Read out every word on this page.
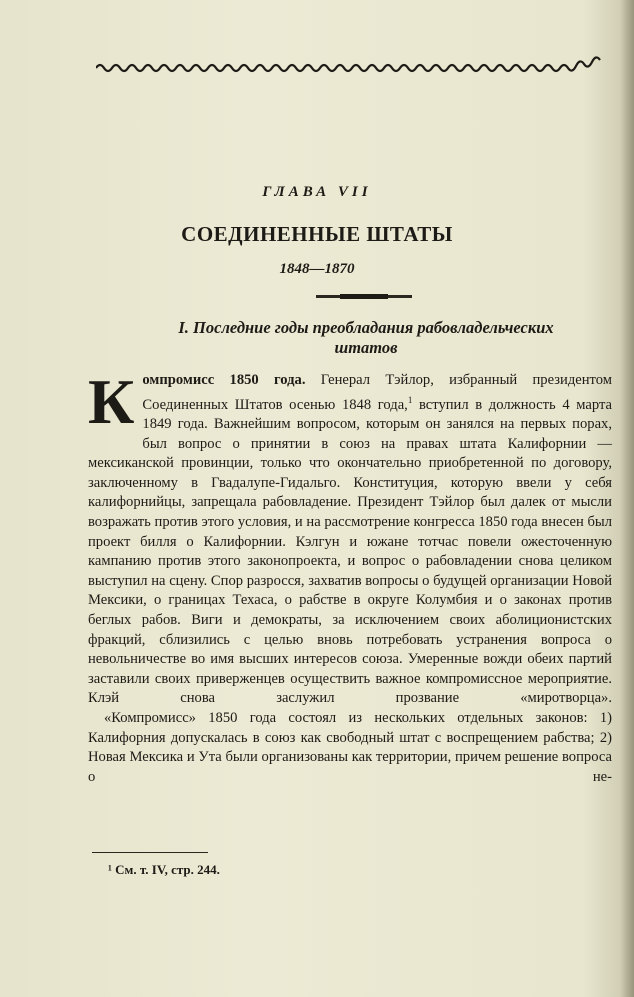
ГЛАВА VII
СОЕДИНЕННЫЕ ШТАТЫ
1848—1870
I. Последние годы преобладания рабовладельческих
штатов

Компромисс 1850 года. Генерал Тэйлор, избранный президентом Соединенных Штатов осенью 1848 года,$^1$ вступил в должность 4 марта 1849 года. Важнейшим вопросом, которым он занялся на первых порах, был вопрос о принятии в союз на правах штата Калифорнии — мексиканской провинции, только что окончательно приобретенной по договору, заключенному в Гвадалупе-Гидальго. Конституция, которую ввели у себя калифорнийцы, запрещала рабовладение. Президент Тэйлор был далек от мысли возражать против этого условия, и на рассмотрение конгресса 1850 года внесен был проект билля о Калифорнии. Кэлгун и южане тотчас повели ожесточенную кампанию против этого законопроекта, и вопрос о рабовладении снова целиком выступил на сцену. Спор разросся, захватив вопросы о будущей организации Новой Мексики, о границах Техаса, о рабстве в округе Колумбия и о законах против беглых рабов. Виги и демократы, за исключением своих аболиционистских фракций, сблизились с целью вновь потребовать устранения вопроса о невольничестве во имя высших интересов союза. Умеренные вожди обеих партий заставили своих приверженцев осуществить важное компромиссное мероприятие. Клэй снова заслужил прозвание «миротворца».

«Компромисс» 1850 года состоял из нескольких отдельных законов: 1) Калифорния допускалась в союз как свободный штат с воспрещением рабства; 2) Новая Мексика и Ута были организованы как территории, причем решение вопроса о не-

¹ См. т. IV, стр. 244.
